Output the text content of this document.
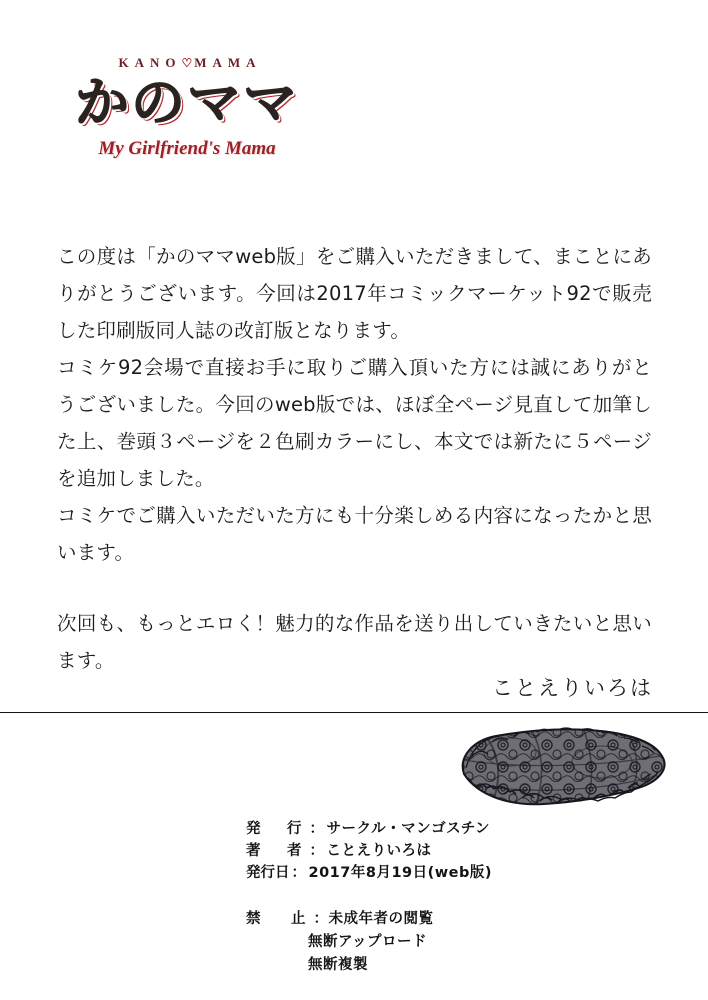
KANO♡MAMA
かのママ
My Girlfriend's Mama

この度は「かのママweb版」をご購入いただきまして、まことにありがとうございます。今回は2017年コミックマーケット92で販売した印刷版同人誌の改訂版となります。

コミケ92会場で直接お手に取りご購入頂いた方には誠にありがとうございました。今回のweb版では、ほぼ全ページ見直して加筆した上、巻頭３ページを２色刷カラーにし、本文では新たに５ページを追加しました。

コミケでご購入いただいた方にも十分楽しめる内容になったかと思います。

次回も、もっとエロく！魅力的な作品を送り出していきたいと思います。

ことえりいろは
発　行 ： サークル・マンゴスチン
著　者 ： ことえりいろは
発行日 ： 2017年8月19日(web版)
禁　止：未成年者の閲覧
無断アップロード
無断複製
